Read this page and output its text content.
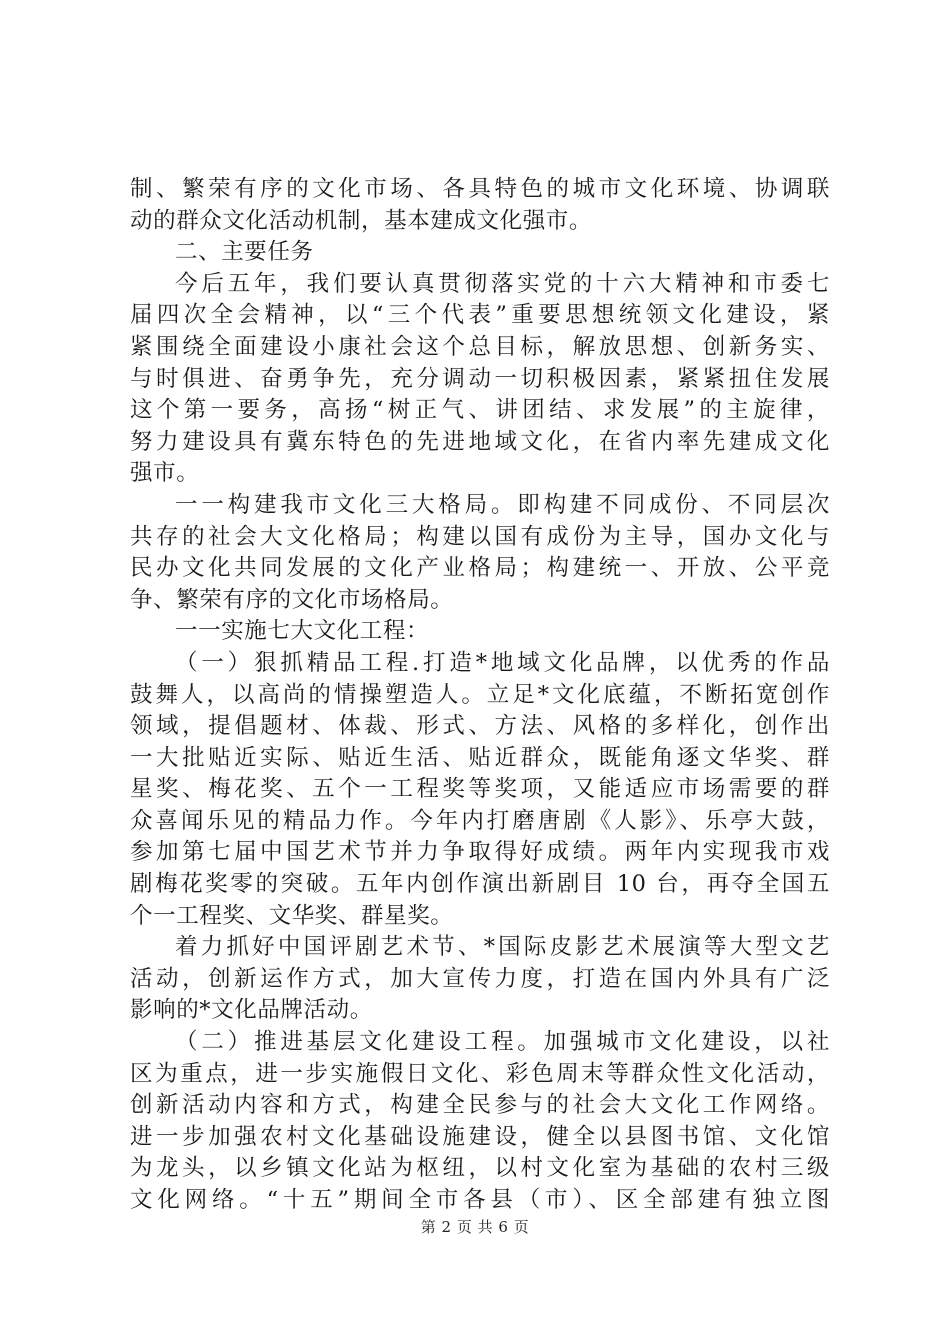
制、繁荣有序的文化市场、各具特色的城市文化环境、协调联
动的群众文化活动机制，基本建成文化强市。
二、主要任务
今后五年，我们要认真贯彻落实党的十六大精神和市委七
届四次全会精神，以“三个代表”重要思想统领文化建设，紧
紧围绕全面建设小康社会这个总目标，解放思想、创新务实、
与时俱进、奋勇争先，充分调动一切积极因素，紧紧扭住发展
这个第一要务，高扬“树正气、讲团结、求发展”的主旋律，
努力建设具有冀东特色的先进地域文化，在省内率先建成文化
强市。
一一构建我市文化三大格局。即构建不同成份、不同层次
共存的社会大文化格局；构建以国有成份为主导，国办文化与
民办文化共同发展的文化产业格局；构建统一、开放、公平竞
争、繁荣有序的文化市场格局。
一一实施七大文化工程：
（一）狠抓精品工程.打造*地域文化品牌，以优秀的作品
鼓舞人，以高尚的情操塑造人。立足*文化底蕴，不断拓宽创作
领域，提倡题材、体裁、形式、方法、风格的多样化，创作出
一大批贴近实际、贴近生活、贴近群众，既能角逐文华奖、群
星奖、梅花奖、五个一工程奖等奖项，又能适应市场需要的群
众喜闻乐见的精品力作。今年内打磨唐剧《人影》、乐亭大鼓，
参加第七届中国艺术节并力争取得好成绩。两年内实现我市戏
剧梅花奖零的突破。五年内创作演出新剧目 10 台，再夺全国五
个一工程奖、文华奖、群星奖。
着力抓好中国评剧艺术节、*国际皮影艺术展演等大型文艺
活动，创新运作方式，加大宣传力度，打造在国内外具有广泛
影响的*文化品牌活动。
（二）推进基层文化建设工程。加强城市文化建设，以社
区为重点，进一步实施假日文化、彩色周末等群众性文化活动，
创新活动内容和方式，构建全民参与的社会大文化工作网络。
进一步加强农村文化基础设施建设，健全以县图书馆、文化馆
为龙头，以乡镇文化站为枢纽，以村文化室为基础的农村三级
文化网络。“十五”期间全市各县（市）、区全部建有独立图
第 2 页 共 6 页
